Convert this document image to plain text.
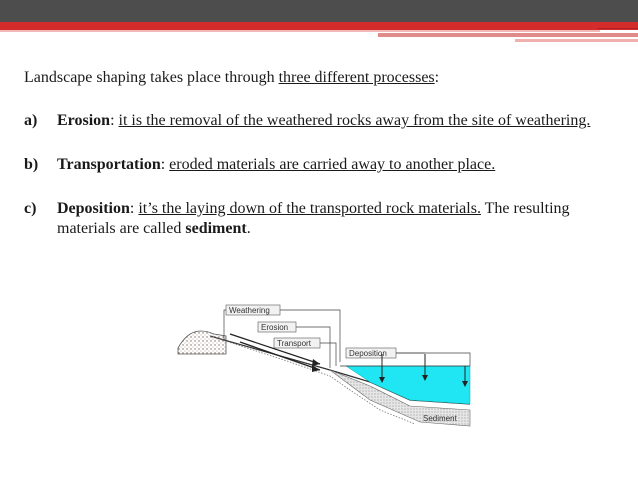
Landscape shaping takes place through three different processes:

a)	Erosion: it is the removal of the weathered rocks away from the site of weathering.
b)	Transportation: eroded materials are carried away to another place.
c)	Deposition: it’s the laying down of the transported rock materials. The resulting materials are called sediment.
Weathering
Erosion
Transport
Deposition
Sediment
